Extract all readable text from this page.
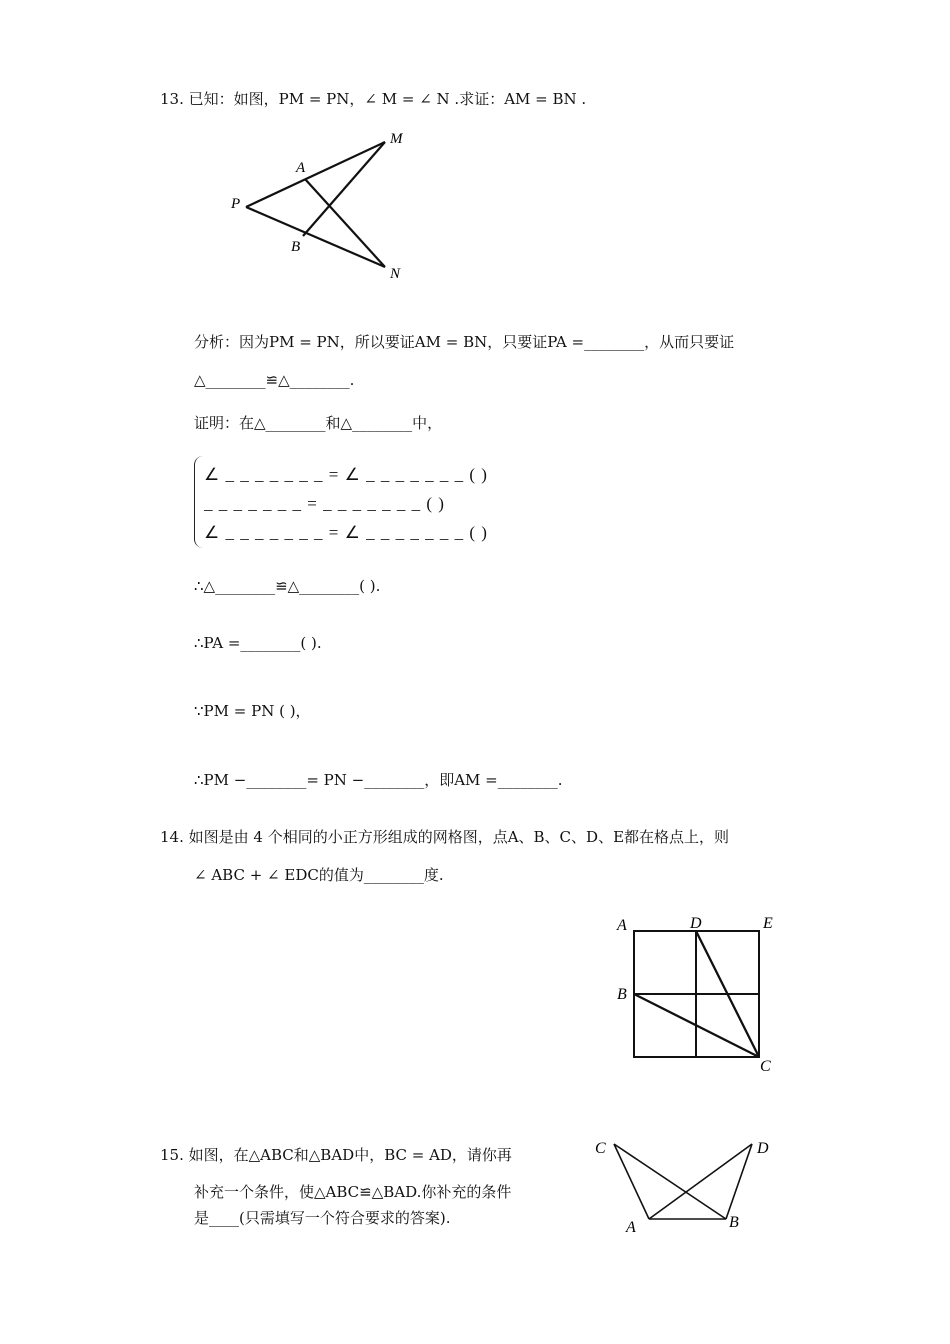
13. 已知：如图，PM = PN，∠ M = ∠ N .求证：AM = BN .
M
A
P
B
N
分析：因为PM = PN，所以要证AM = BN，只要证PA =________，从而只要证
△________≌△________.
证明：在△________和△________中，
∠ _ _ _ _ _ _ _ = ∠ _ _ _ _ _ _ _ ( )
_ _ _ _ _ _ _ = _ _ _ _ _ _ _ ( )
∠ _ _ _ _ _ _ _ = ∠ _ _ _ _ _ _ _ ( )
∴△________≌△________( ).
∴PA =________( ).
∵PM = PN ( )，
∴PM −________= PN −________，即AM =________.
14. 如图是由 4 个相同的小正方形组成的网格图，点A、B、C、D、E都在格点上，则
∠ ABC + ∠ EDC的值为________度.
A	D	E
B
C
15. 如图，在△ABC和△BAD中，BC = AD，请你再
补充一个条件，使△ABC≌△BAD.你补充的条件
是____(只需填写一个符合要求的答案).
C	D
A	B
